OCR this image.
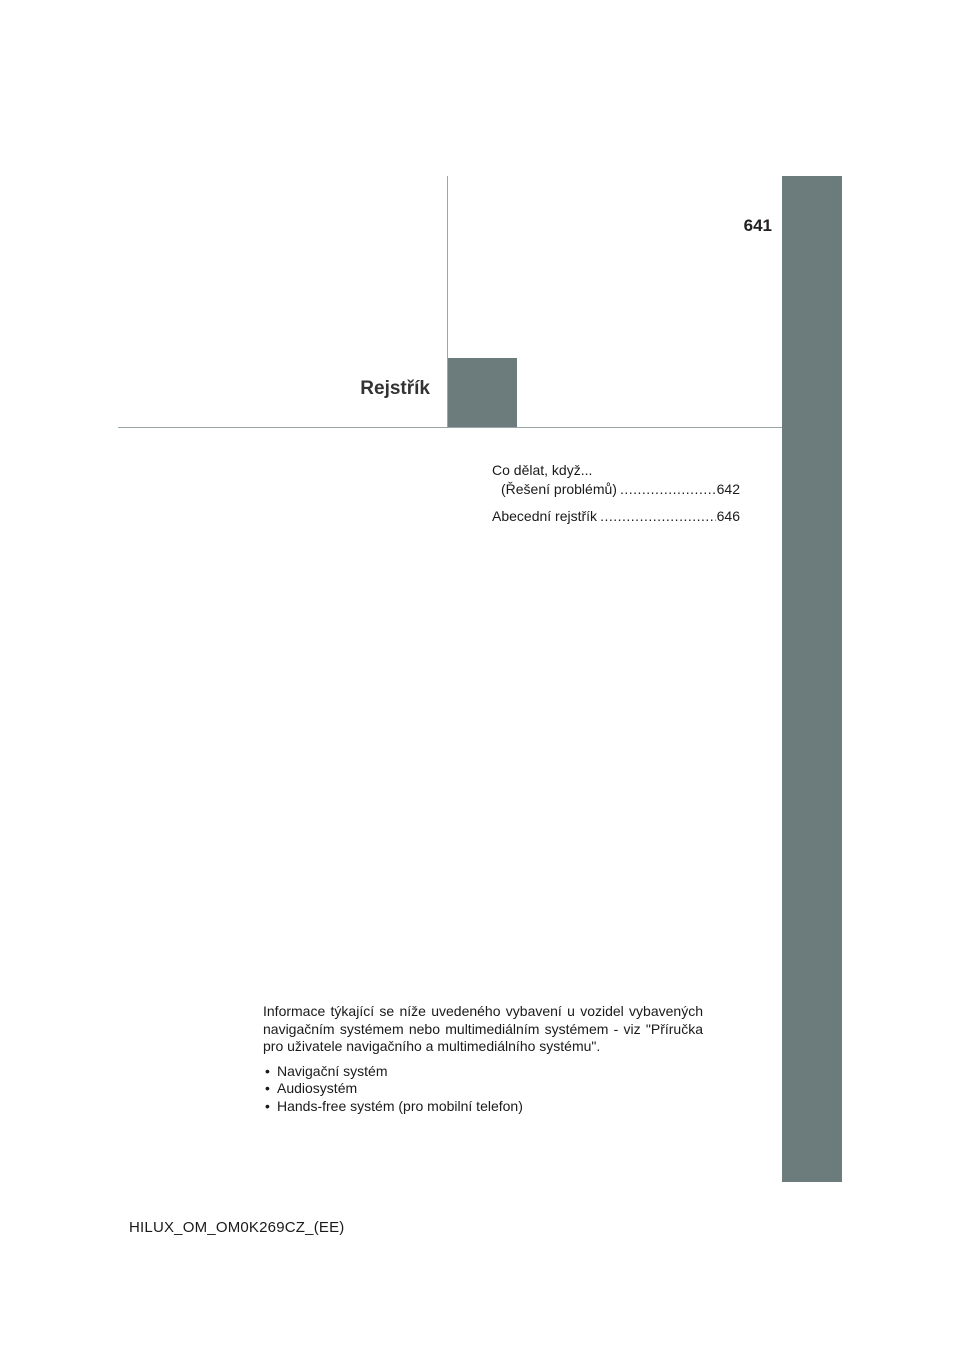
641
Rejstřík
Co dělat, když...
(Řešení problémů) .....	642
Abecední rejstřík .....	646

Informace týkající se níže uvedeného vybavení u vozidel vybavených navigačním systémem nebo multimediálním systémem - viz "Příručka pro uživatele navigačního a multimediálního systému".

• Navigační systém
• Audiosystém
• Hands-free systém (pro mobilní telefon)
HILUX_OM_OM0K269CZ_(EE)
